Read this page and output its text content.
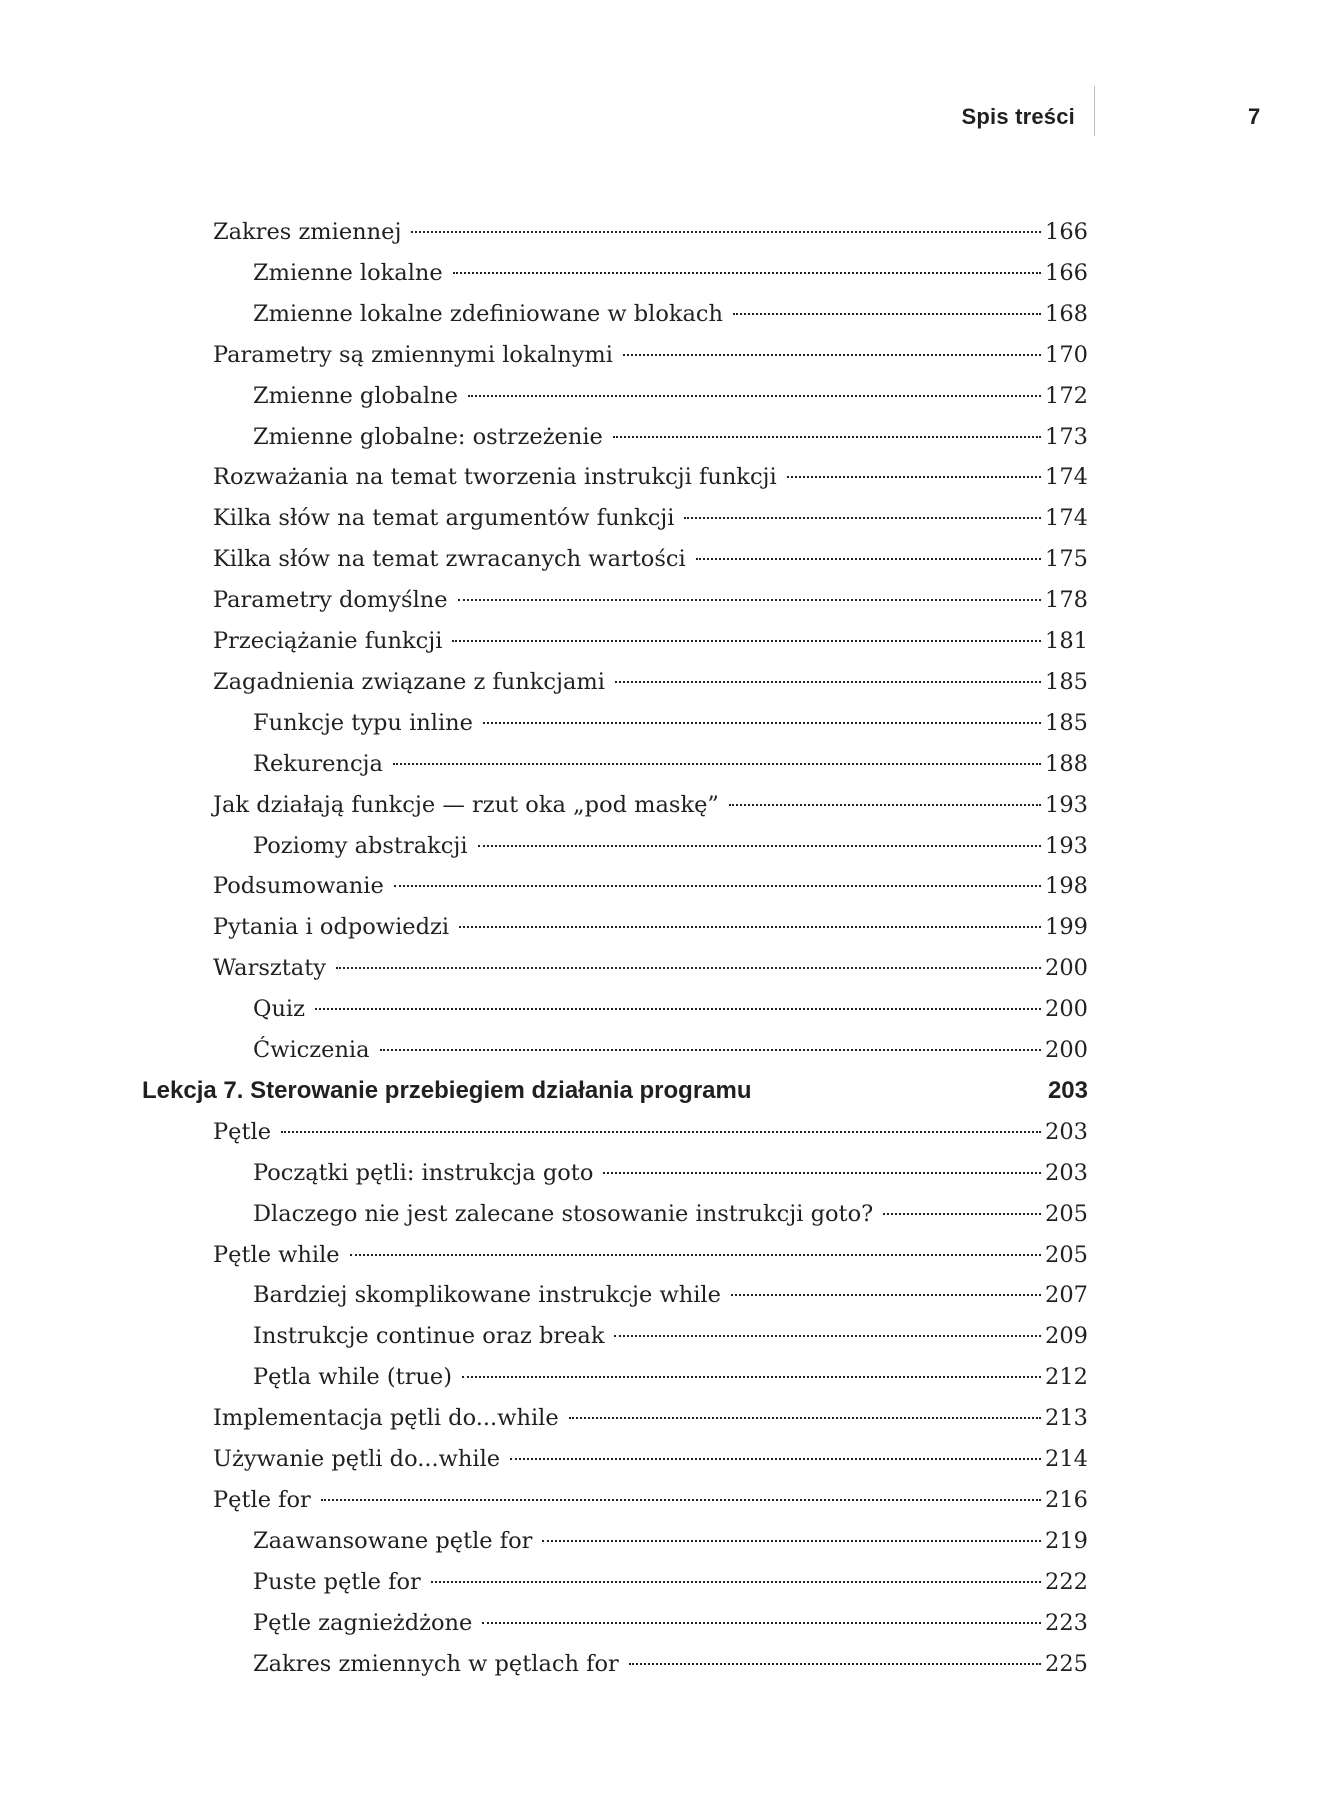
Spis treści	7
Zakres zmiennej	166
Zmienne lokalne	166
Zmienne lokalne zdefiniowane w blokach	168
Parametry są zmiennymi lokalnymi	170
Zmienne globalne	172
Zmienne globalne: ostrzeżenie	173
Rozważania na temat tworzenia instrukcji funkcji	174
Kilka słów na temat argumentów funkcji	174
Kilka słów na temat zwracanych wartości	175
Parametry domyślne	178
Przeciążanie funkcji	181
Zagadnienia związane z funkcjami	185
Funkcje typu inline	185
Rekurencja	188
Jak działają funkcje — rzut oka „pod maskę”	193
Poziomy abstrakcji	193
Podsumowanie	198
Pytania i odpowiedzi	199
Warsztaty	200
Quiz	200
Ćwiczenia	200
Lekcja 7. Sterowanie przebiegiem działania programu	203
Pętle	203
Początki pętli: instrukcja goto	203
Dlaczego nie jest zalecane stosowanie instrukcji goto?	205
Pętle while	205
Bardziej skomplikowane instrukcje while	207
Instrukcje continue oraz break	209
Pętla while (true)	212
Implementacja pętli do...while	213
Używanie pętli do...while	214
Pętle for	216
Zaawansowane pętle for	219
Puste pętle for	222
Pętle zagnieżdżone	223
Zakres zmiennych w pętlach for	225
